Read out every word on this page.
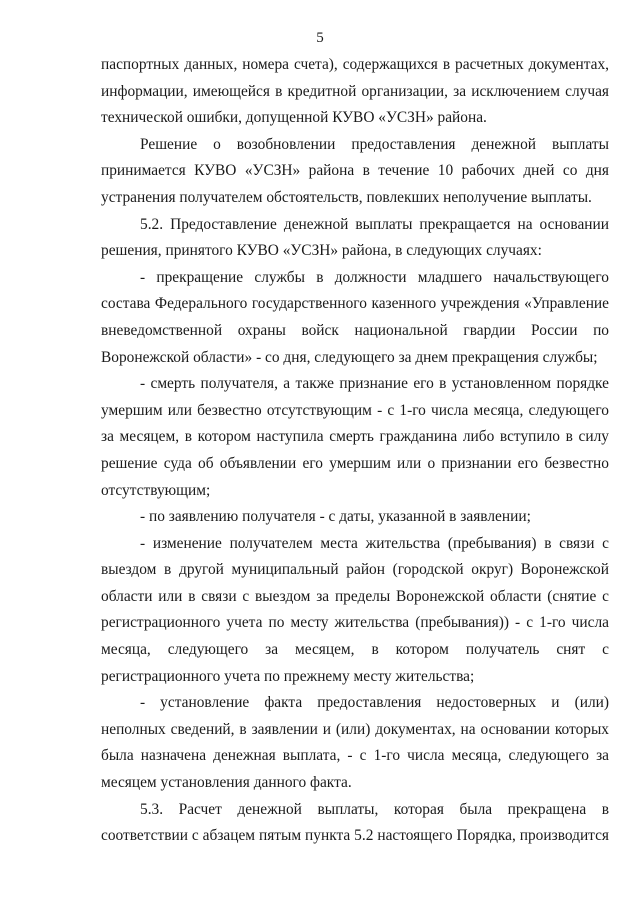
5

паспортных данных, номера счета), содержащихся в расчетных документах, информации, имеющейся в кредитной организации, за исключением случая технической ошибки, допущенной КУВО «УСЗН» района.

Решение о возобновлении предоставления денежной выплаты принимается КУВО «УСЗН» района в течение 10 рабочих дней со дня устранения получателем обстоятельств, повлекших неполучение выплаты.

5.2. Предоставление денежной выплаты прекращается на основании решения, принятого КУВО «УСЗН» района, в следующих случаях:

- прекращение службы в должности младшего начальствующего состава Федерального государственного казенного учреждения «Управление вневедомственной охраны войск национальной гвардии России по Воронежской области» - со дня, следующего за днем прекращения службы;

- смерть получателя, а также признание его в установленном порядке умершим или безвестно отсутствующим - с 1-го числа месяца, следующего за месяцем, в котором наступила смерть гражданина либо вступило в силу решение суда об объявлении его умершим или о признании его безвестно отсутствующим;

- по заявлению получателя - с даты, указанной в заявлении;

- изменение получателем места жительства (пребывания) в связи с выездом в другой муниципальный район (городской округ) Воронежской области или в связи с выездом за пределы Воронежской области (снятие с регистрационного учета по месту жительства (пребывания)) - с 1-го числа месяца, следующего за месяцем, в котором получатель снят с регистрационного учета по прежнему месту жительства;

- установление факта предоставления недостоверных и (или) неполных сведений, в заявлении и (или) документах, на основании которых была назначена денежная выплата, - с 1-го числа месяца, следующего за месяцем установления данного факта.

5.3. Расчет денежной выплаты, которая была прекращена в соответствии с абзацем пятым пункта 5.2 настоящего Порядка, производится
